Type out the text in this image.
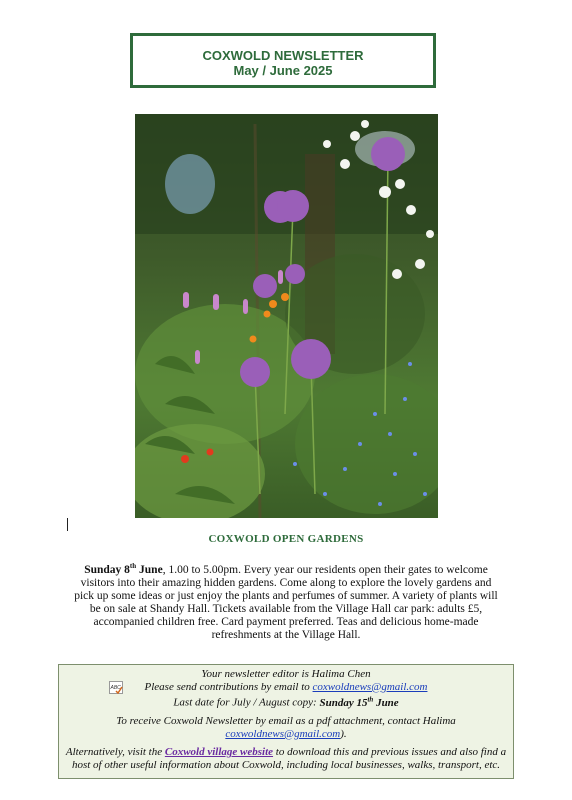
COXWOLD NEWSLETTER
May / June 2025
COXWOLD OPEN GARDENS
Sunday 8th June, 1.00 to 5.00pm. Every year our residents open their gates to welcome visitors into their amazing hidden gardens. Come along to explore the lovely gardens and pick up some ideas or just enjoy the plants and perfumes of summer. A variety of plants will be on sale at Shandy Hall. Tickets available from the Village Hall car park: adults £5, accompanied children free. Card payment preferred. Teas and delicious home-made refreshments at the Village Hall.
ABC
Your newsletter editor is Halima Chen
Please send contributions by email to coxwoldnews@gmail.com
Last date for July / August copy: Sunday 15th June
To receive Coxwold Newsletter by email as a pdf attachment, contact Halima
coxwoldnews@gmail.com).
Alternatively, visit the Coxwold village website to download this and previous issues and also find a host of other useful information about Coxwold, including local businesses, walks, transport, etc.
